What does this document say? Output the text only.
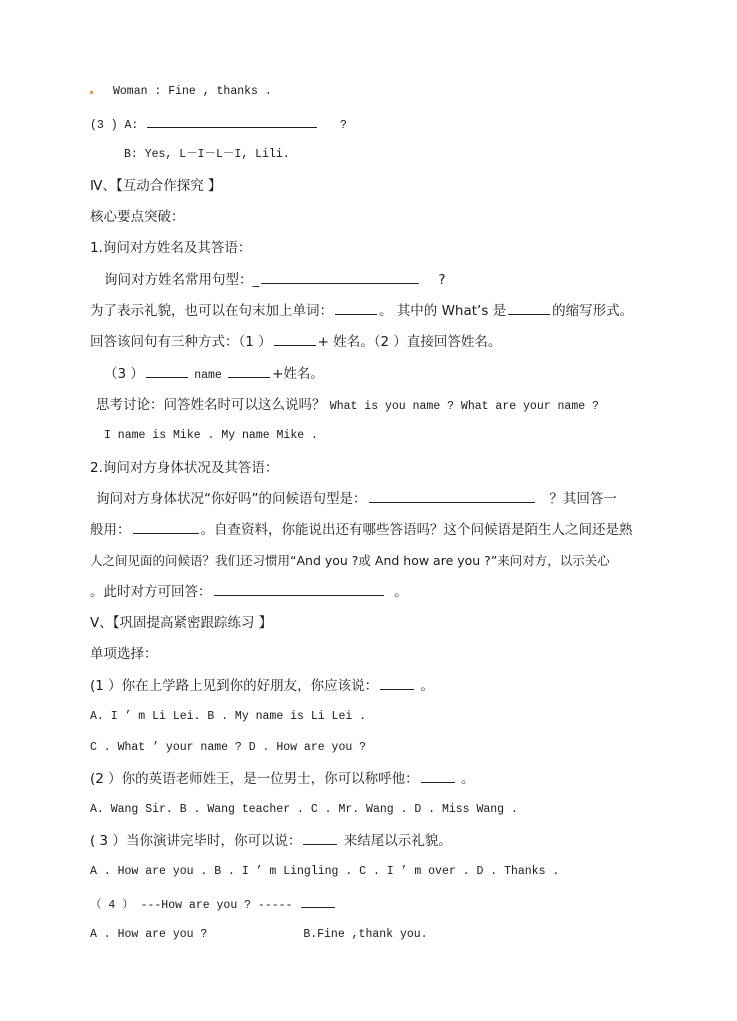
Woman : Fine , thanks .
(3 ) A:	?
B: Yes, L－I－L－I, Lili.
Ⅳ、【互动合作探究 】
核心要点突破：
1.询问对方姓名及其答语：
询问对方姓名常用句型：_	?
为了表示礼貌，也可以在句末加上单词：	。 其中的 What’s 是	的缩写形式。
回答该问句有三种方式：（1 ）	+ 姓名。（2 ）直接回答姓名。
（3 ）	name	+姓名。
思考讨论：问答姓名时可以这么说吗？ What is you name ? What are your name ?
I name is Mike . My name Mike .
2.询问对方身体状况及其答语：
询问对方身体状况“你好吗”的问候语句型是：	？其回答一
般用：	。自查资料，你能说出还有哪些答语吗？这个问候语是陌生人之间还是熟
人之间见面的问候语？我们还习惯用“And you ?或 And how are you ?”来问对方，以示关心
。此时对方可回答：	。
Ⅴ、【巩固提高紧密跟踪练习 】
单项选择：
(1 ）你在上学路上见到你的好朋友，你应该说：	。
A. I ’ m Li Lei. B . My name is Li Lei .
C . What ’ your name ? D . How are you ?
(2 ）你的英语老师姓王，是一位男士，你可以称呼他：	。
A. Wang Sir. B . Wang teacher . C . Mr. Wang . D . Miss Wang .
( 3 ）当你演讲完毕时，你可以说：	来结尾以示礼貌。
A . How are you . B . I ’ m Lingling . C . I ’ m over . D . Thanks .
（ 4 ） ---How are you ? -----
A . How are you ?	B.Fine ,thank you.
